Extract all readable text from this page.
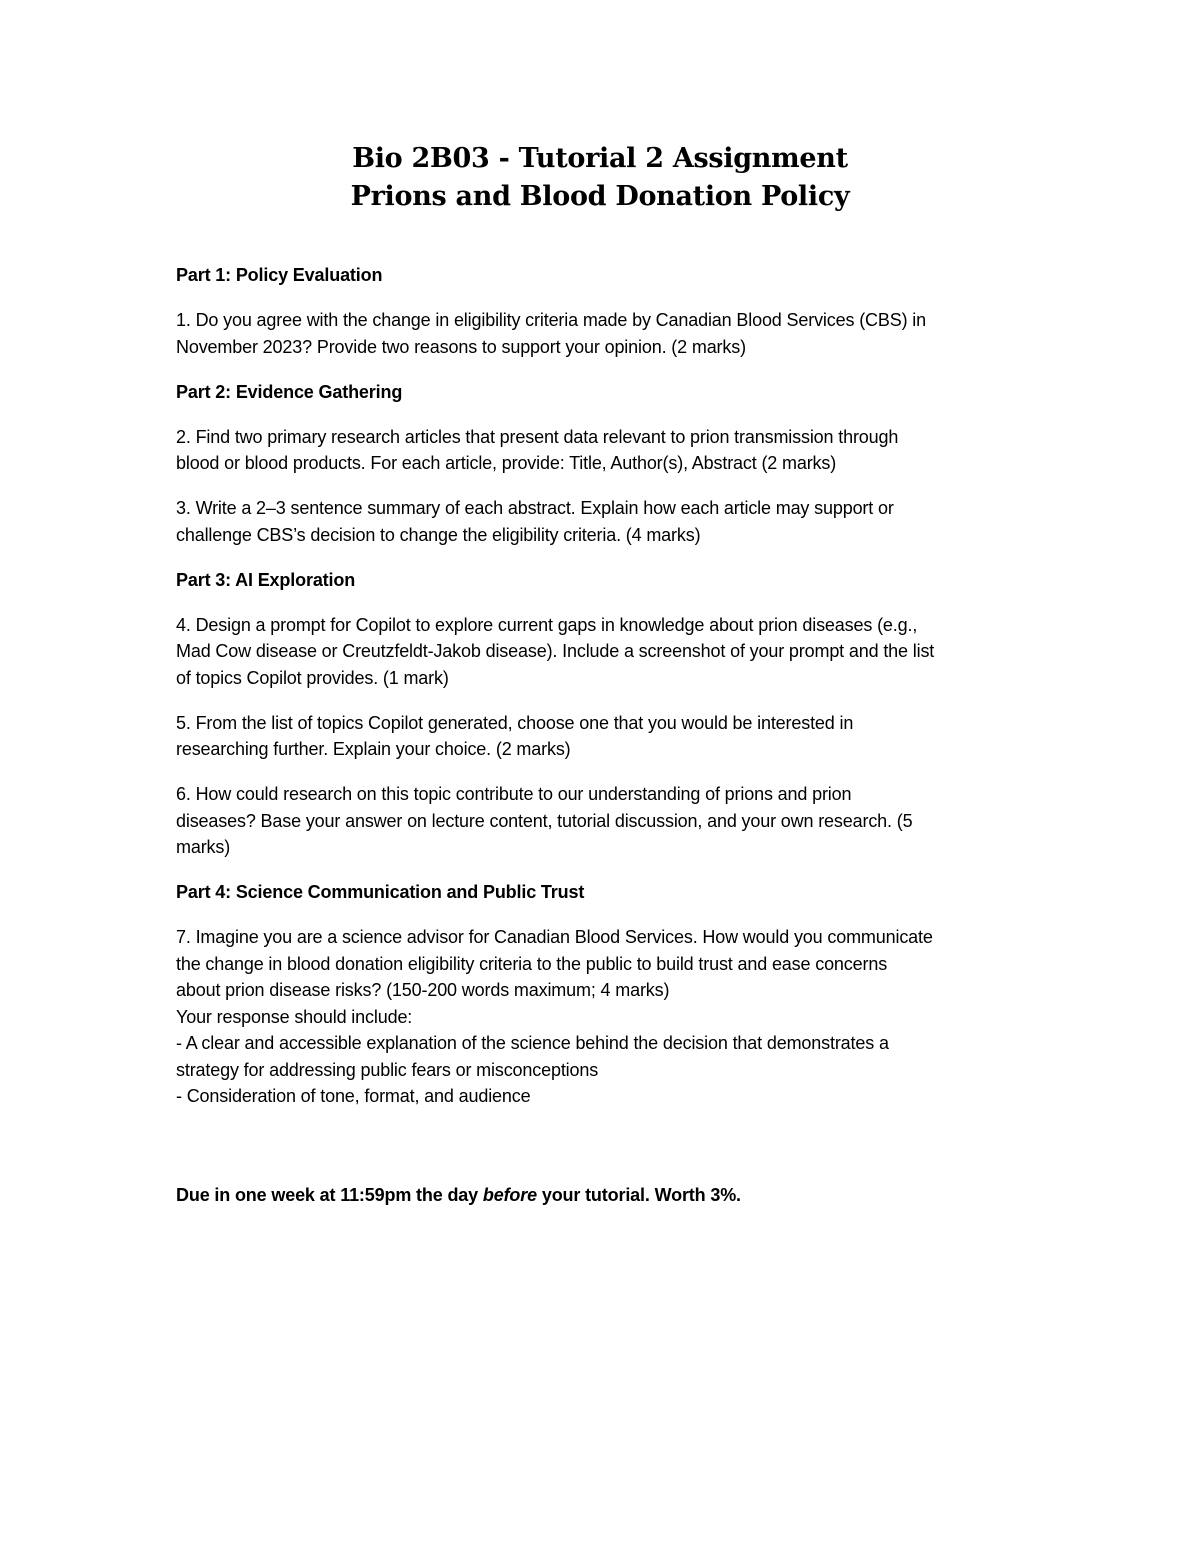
Bio 2B03 - Tutorial 2 Assignment
Prions and Blood Donation Policy
Part 1: Policy Evaluation
1. Do you agree with the change in eligibility criteria made by Canadian Blood Services (CBS) in
November 2023? Provide two reasons to support your opinion. (2 marks)
Part 2: Evidence Gathering
2. Find two primary research articles that present data relevant to prion transmission through
blood or blood products. For each article, provide: Title, Author(s), Abstract (2 marks)
3. Write a 2–3 sentence summary of each abstract. Explain how each article may support or
challenge CBS’s decision to change the eligibility criteria. (4 marks)
Part 3: AI Exploration
4. Design a prompt for Copilot to explore current gaps in knowledge about prion diseases (e.g.,
Mad Cow disease or Creutzfeldt-Jakob disease). Include a screenshot of your prompt and the list
of topics Copilot provides. (1 mark)
5. From the list of topics Copilot generated, choose one that you would be interested in
researching further. Explain your choice. (2 marks)
6. How could research on this topic contribute to our understanding of prions and prion
diseases? Base your answer on lecture content, tutorial discussion, and your own research. (5
marks)
Part 4: Science Communication and Public Trust
7. Imagine you are a science advisor for Canadian Blood Services. How would you communicate
the change in blood donation eligibility criteria to the public to build trust and ease concerns
about prion disease risks? (150-200 words maximum; 4 marks)
Your response should include:
- A clear and accessible explanation of the science behind the decision that demonstrates a
strategy for addressing public fears or misconceptions
- Consideration of tone, format, and audience
Due in one week at 11:59pm the day before your tutorial. Worth 3%.
